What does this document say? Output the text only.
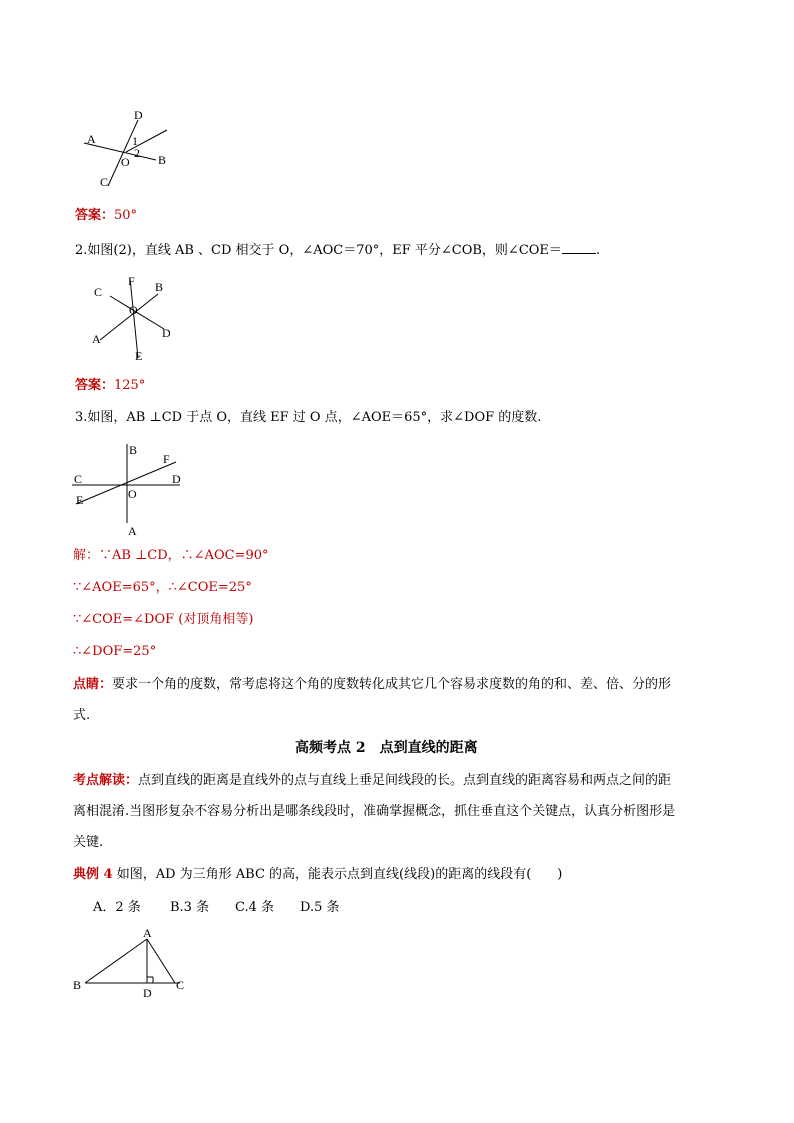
D
A	1
2
O B
C
答案：50°
2.如图(2)，直线 AB 、CD 相交于 O，∠AOC＝70°，EF 平分∠COB，则∠COE＝	.
C
F B
O
D
A
E
答案：125°
3.如图，AB ⊥CD 于点 O，直线 EF 过 O 点，∠AOE＝65°，求∠DOF 的度数.
B
F
C	D
O
E
A
解：∵AB ⊥CD，∴∠AOC=90°
∵∠AOE=65°，∴∠COE=25°
∵∠COE=∠DOF (对顶角相等)
∴∠DOF=25°
点睛：要求一个角的度数，常考虑将这个角的度数转化成其它几个容易求度数的角的和、差、倍、分的形
式.
高频考点 2　点到直线的距离
考点解读：点到直线的距离是直线外的点与直线上垂足间线段的长。点到直线的距离容易和两点之间的距
离相混淆.当图形复杂不容易分析出是哪条线段时，准确掌握概念，抓住垂直这个关键点，认真分析图形是
关键.
典例 4 如图，AD 为三角形 ABC 的高，能表示点到直线(线段)的距离的线段有( )
A．2 条 B.3 条 C.4 条 D.5 条
A
B
D
C
